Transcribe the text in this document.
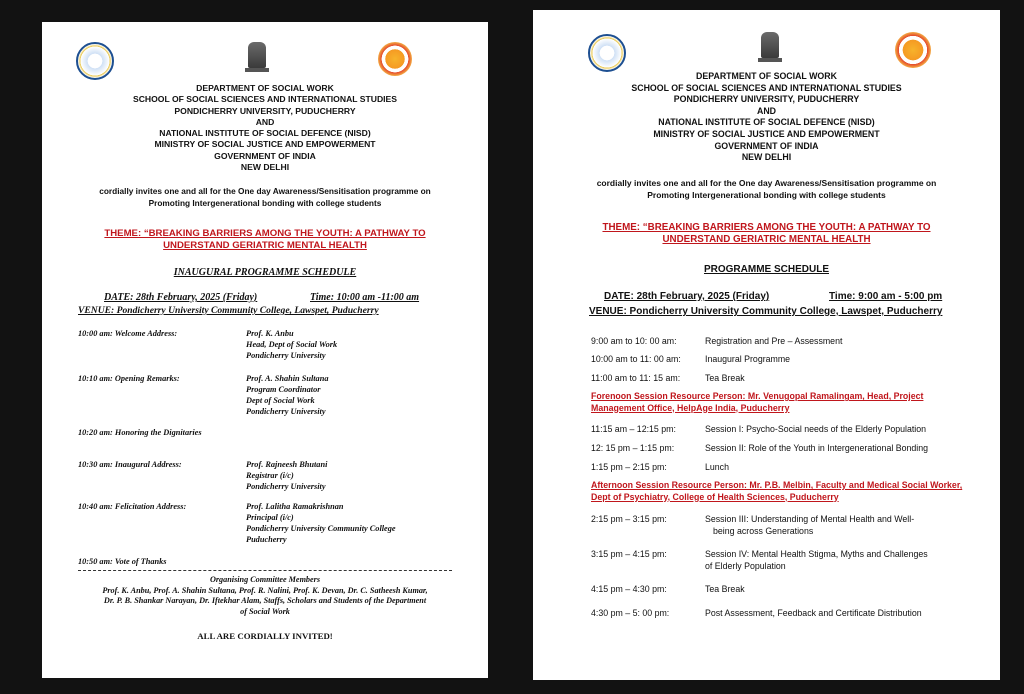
DEPARTMENT OF SOCIAL WORK
SCHOOL OF SOCIAL SCIENCES AND INTERNATIONAL STUDIES
PONDICHERRY UNIVERSITY, PUDUCHERRY
AND
NATIONAL INSTITUTE OF SOCIAL DEFENCE (NISD)
MINISTRY OF SOCIAL JUSTICE AND EMPOWERMENT
GOVERNMENT OF INDIA
NEW DELHI
cordially invites one and all for the One day Awareness/Sensitisation programme on
Promoting Intergenerational bonding with college students
THEME: “BREAKING BARRIERS AMONG THE YOUTH: A PATHWAY TO
UNDERSTAND GERIATRIC MENTAL HEALTH
INAUGURAL PROGRAMME SCHEDULE
DATE: 28th February, 2025 (Friday)	Time: 10:00 am -11:00 am
VENUE: Pondicherry University Community College, Lawspet, Puducherry
10:00 am: Welcome Address:	Prof. K. Anbu
Head, Dept of Social Work
Pondicherry University
10:10 am: Opening Remarks:	Prof. A. Shahin Sultana
Program Coordinator
Dept of Social Work
Pondicherry University
10:20 am: Honoring the Dignitaries
10:30 am: Inaugural Address:	Prof. Rajneesh Bhutani
Registrar (i/c)
Pondicherry University
10:40 am: Felicitation Address:	Prof. Lalitha Ramakrishnan
Principal (i/c)
Pondicherry University Community College
Puducherry
10:50 am: Vote of Thanks
Organising Committee Members
Prof. K. Anbu, Prof. A. Shahin Sultana, Prof. R. Nalini, Prof. K. Devan, Dr. C. Satheesh Kumar,
Dr. P. B. Shankar Narayan, Dr. Iftekhar Alam, Staffs, Scholars and Students of the Department
of Social Work
ALL ARE CORDIALLY INVITED!
DEPARTMENT OF SOCIAL WORK
SCHOOL OF SOCIAL SCIENCES AND INTERNATIONAL STUDIES
PONDICHERRY UNIVERSITY, PUDUCHERRY
AND
NATIONAL INSTITUTE OF SOCIAL DEFENCE (NISD)
MINISTRY OF SOCIAL JUSTICE AND EMPOWERMENT
GOVERNMENT OF INDIA
NEW DELHI
cordially invites one and all for the One day Awareness/Sensitisation programme on
Promoting Intergenerational bonding with college students
THEME: “BREAKING BARRIERS AMONG THE YOUTH: A PATHWAY TO
UNDERSTAND GERIATRIC MENTAL HEALTH
PROGRAMME SCHEDULE
DATE: 28th February, 2025 (Friday)	Time: 9:00 am - 5:00 pm
VENUE: Pondicherry University Community College, Lawspet, Puducherry
9:00 am to 10: 00 am:	Registration and Pre – Assessment
10:00 am to 11: 00 am:	Inaugural Programme
11:00 am to 11: 15 am:	Tea Break
Forenoon Session Resource Person: Mr. Venugopal Ramalingam, Head, Project Management Office, HelpAge India, Puducherry
11:15 am – 12:15 pm:	Session I: Psycho-Social needs of the Elderly Population
12: 15 pm – 1:15 pm:	Session II: Role of the Youth in Intergenerational Bonding
1:15 pm – 2:15 pm:	Lunch
Afternoon Session Resource Person: Mr. P.B. Melbin, Faculty and Medical Social Worker, Dept of Psychiatry, College of Health Sciences, Puducherry
2:15 pm – 3:15 pm:	Session III: Understanding of Mental Health and Well-
being across Generations
3:15 pm – 4:15 pm:	Session IV: Mental Health Stigma, Myths and Challenges
of Elderly Population
4:15 pm – 4:30 pm:	Tea Break
4:30 pm – 5: 00 pm:	Post Assessment, Feedback and Certificate Distribution
